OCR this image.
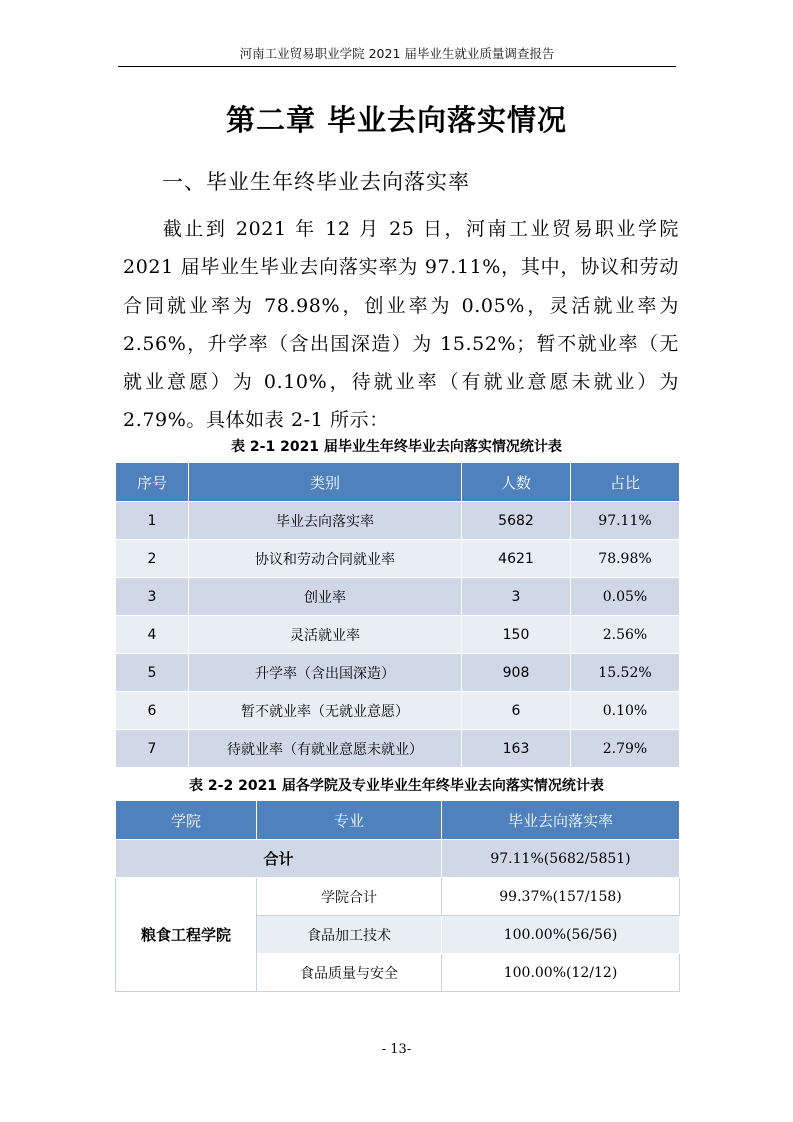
河南工业贸易职业学院 2021 届毕业生就业质量调查报告
第二章 毕业去向落实情况
一、毕业生年终毕业去向落实率
截止到 2021 年 12 月 25 日，河南工业贸易职业学院 2021 届毕业生毕业去向落实率为 97.11%，其中，协议和劳动合同就业率为 78.98%，创业率为 0.05%，灵活就业率为 2.56%，升学率（含出国深造）为 15.52%；暂不就业率（无就业意愿）为 0.10%，待就业率（有就业意愿未就业）为 2.79%。具体如表 2-1 所示：
表 2-1 2021 届毕业生年终毕业去向落实情况统计表
序号	类别	人数	占比
1	毕业去向落实率	5682	97.11%
2	协议和劳动合同就业率	4621	78.98%
3	创业率	3	0.05%
4	灵活就业率	150	2.56%
5	升学率（含出国深造）	908	15.52%
6	暂不就业率（无就业意愿）	6	0.10%
7	待就业率（有就业意愿未就业）	163	2.79%
表 2-2 2021 届各学院及专业毕业生年终毕业去向落实情况统计表
学院	专业	毕业去向落实率
合计		97.11%(5682/5851)
粮食工程学院	学院合计	99.37%(157/158)
	食品加工技术	100.00%(56/56)
	食品质量与安全	100.00%(12/12)
- 13-
